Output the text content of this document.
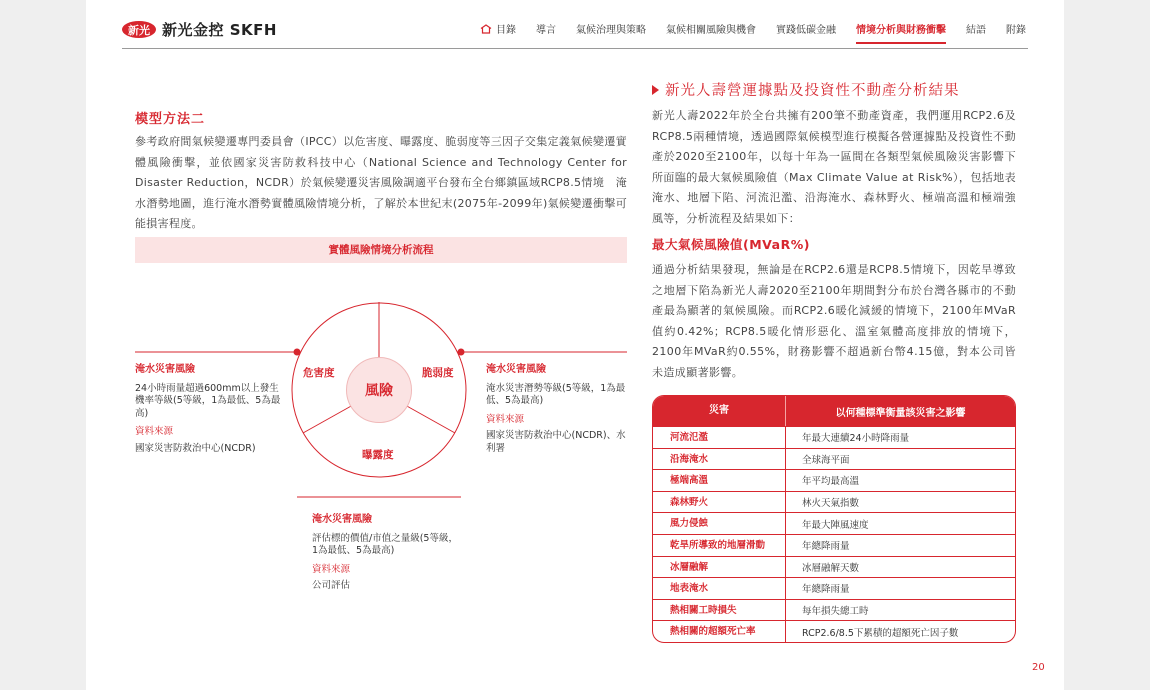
新光 新光金控 SKFH	目錄 導言 氣候治理與策略 氣候相關風險與機會 實踐低碳金融 情境分析與財務衝擊 結語 附錄
模型方法二
參考政府間氣候變遷專門委員會（IPCC）以危害度、曝露度、脆弱度等三因子交集定義氣候變遷實體風險衝擊，並依國家災害防救科技中心（National Science and Technology Center for Disaster Reduction，NCDR）於氣候變遷災害風險調適平台發布全台鄉鎮區域RCP8.5情境　淹水潛勢地圖，進行淹水潛勢實體風險情境分析，了解於本世紀末(2075年-2099年)氣候變遷衝擊可能損害程度。
實體風險情境分析流程
風險
危害度	脆弱度
曝露度
淹水災害風險
24小時雨量超過600mm以上發生機率等級(5等級，1為最低、5為最高)
資料來源
國家災害防救治中心(NCDR)
淹水災害風險
淹水災害潛勢等級(5等級，1為最低、5為最高)
資料來源
國家災害防救治中心(NCDR)、水利署
淹水災害風險
評估標的價值/市值之量級(5等級，1為最低、5為最高)
資料來源
公司評估
新光人壽營運據點及投資性不動產分析結果
新光人壽2022年於全台共擁有200筆不動產資產，我們運用RCP2.6及RCP8.5兩種情境，透過國際氣候模型進行模擬各營運據點及投資性不動產於2020至2100年，以每十年為一區間在各類型氣候風險災害影響下所面臨的最大氣候風險值（Max Climate Value at Risk%），包括地表淹水、地層下陷、河流氾濫、沿海淹水、森林野火、極端高溫和極端強風等，分析流程及結果如下：
最大氣候風險值(MVaR%)
通過分析結果發現，無論是在RCP2.6還是RCP8.5情境下，因乾旱導致之地層下陷為新光人壽2020至2100年期間對分布於台灣各縣市的不動產最為顯著的氣候風險。而RCP2.6暖化減緩的情境下，2100年MVaR值約0.42%；RCP8.5暖化情形惡化、溫室氣體高度排放的情境下，2100年MVaR約0.55%，財務影響不超過新台幣4.15億，對本公司皆未造成顯著影響。
災害	以何種標準衡量該災害之影響
河流氾濫	年最大連續24小時降雨量
沿海淹水	全球海平面
極端高溫	年平均最高溫
森林野火	林火天氣指數
風力侵蝕	年最大陣風速度
乾旱所導致的地層滑動	年總降雨量
冰層融解	冰層融解天數
地表淹水	年總降雨量
熱相關工時損失	每年損失總工時
熱相關的超額死亡率	RCP2.6/8.5下累積的超額死亡因子數
20
